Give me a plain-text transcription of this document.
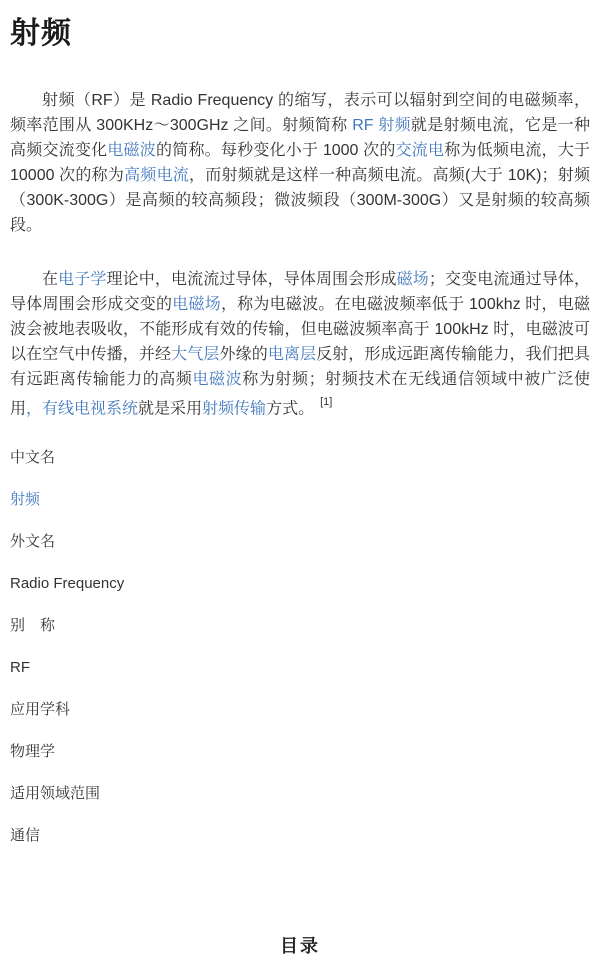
射频

射频（RF）是 Radio Frequency 的缩写，表示可以辐射到空间的电磁频率，频率范围从 300KHz～300GHz 之间。射频简称 RF 射频就是射频电流，它是一种高频交流变化电磁波的简称。每秒变化小于 1000 次的交流电称为低频电流，大于 10000 次的称为高频电流，而射频就是这样一种高频电流。高频(大于 10K)；射频（300K-300G）是高频的较高频段；微波频段（300M-300G）又是射频的较高频段。

在电子学理论中，电流流过导体，导体周围会形成磁场；交变电流通过导体，导体周围会形成交变的电磁场，称为电磁波。在电磁波频率低于 100khz 时，电磁波会被地表吸收，不能形成有效的传输，但电磁波频率高于 100kHz 时，电磁波可以在空气中传播，并经大气层外缘的电离层反射，形成远距离传输能力，我们把具有远距离传输能力的高频电磁波称为射频；射频技术在无线通信领域中被广泛使用，有线电视系统就是采用射频传输方式。 [1]

中文名
射频
外文名
Radio Frequency
别　称
RF
应用学科
物理学
适用领域范围
通信
目录
